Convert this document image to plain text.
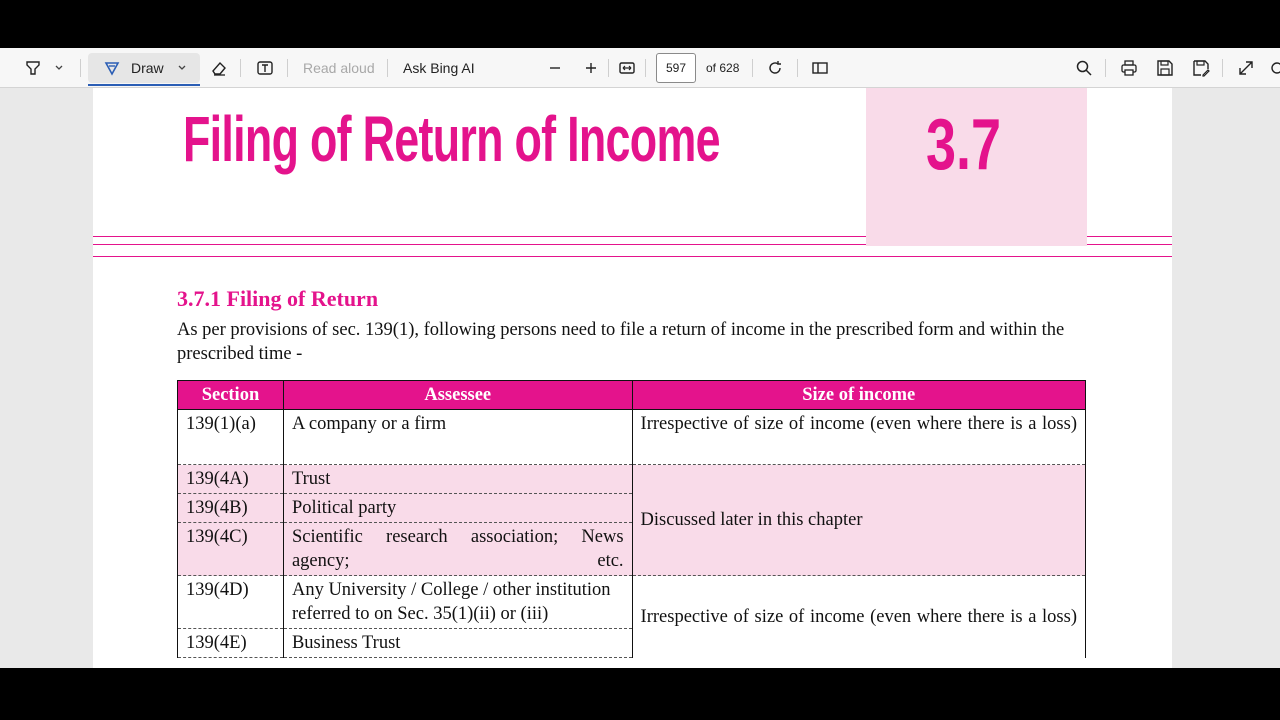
Draw	Read aloud Ask Bing AI	597	of 628
Filing of Return of Income	3.7
3.7.1 Filing of Return
As per provisions of sec. 139(1), following persons need to file a return of income in the prescribed form and within the prescribed time -
Section	Assessee	Size of income
139(1)(a)	A company or a firm	Irrespective of size of income (even where there is a loss)
139(4A)	Trust	Discussed later in this chapter
139(4B)	Political party	
139(4C)	Scientific research association; News agency; etc.	
139(4D)	Any University / College / other institution referred to on Sec. 35(1)(ii) or (iii)	Irrespective of size of income (even where there is a loss)
139(4E)	Business Trust	
